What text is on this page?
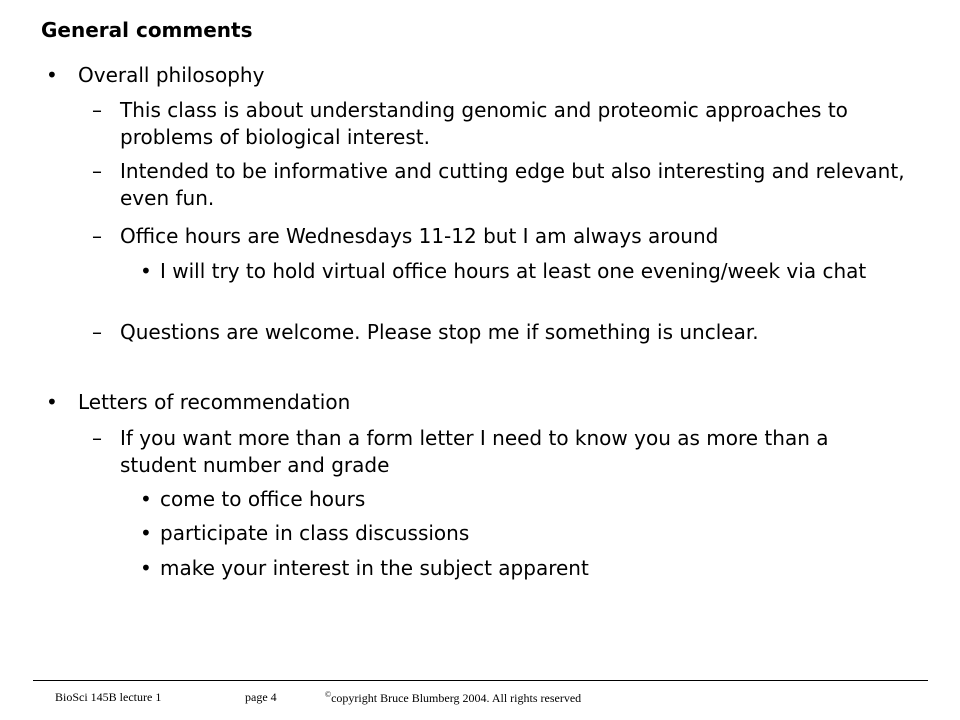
General comments
• Overall philosophy
– This class is about understanding genomic and proteomic approaches to problems of biological interest.
– Intended to be informative and cutting edge but also interesting and relevant, even fun.
– Office hours are Wednesdays 11-12 but I am always around
• I will try to hold virtual office hours at least one evening/week via chat
– Questions are welcome. Please stop me if something is unclear.
• Letters of recommendation
– If you want more than a form letter I need to know you as more than a student number and grade
• come to office hours
• participate in class discussions
• make your interest in the subject apparent
BioSci 145B lecture 1	page 4	©copyright Bruce Blumberg 2004. All rights reserved
